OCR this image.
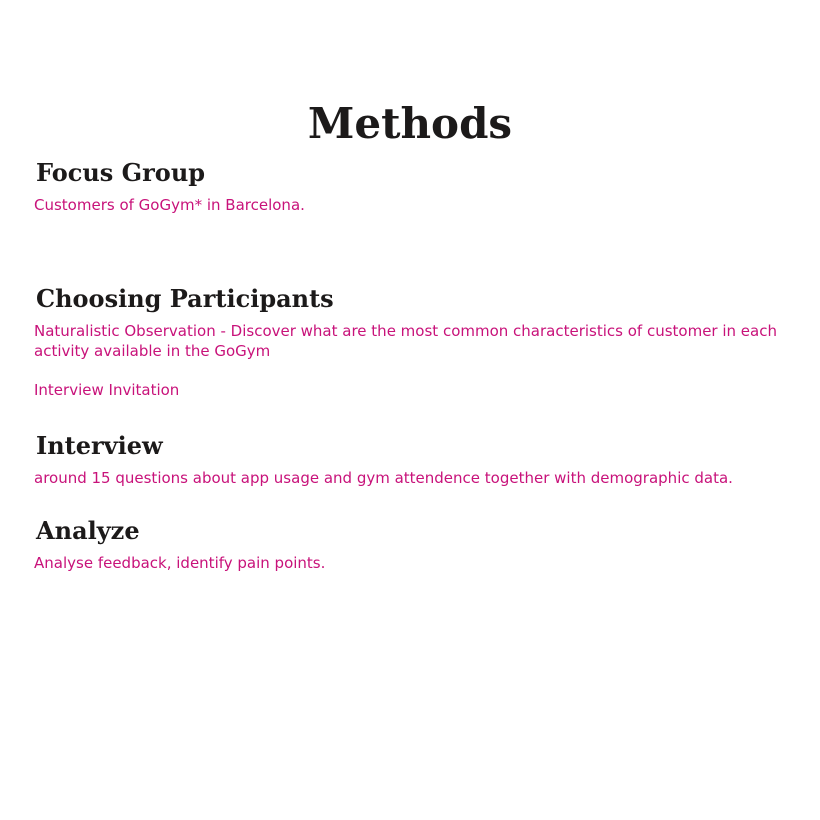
Methods
Focus Group

Customers of GoGym* in Barcelona.

Choosing Participants

Naturalistic Observation - Discover what are the most common characteristics of customer in each activity available in the GoGym

Interview Invitation

Interview

around 15 questions about app usage and gym attendence together with demographic data.

Analyze

Analyse feedback, identify pain points.
